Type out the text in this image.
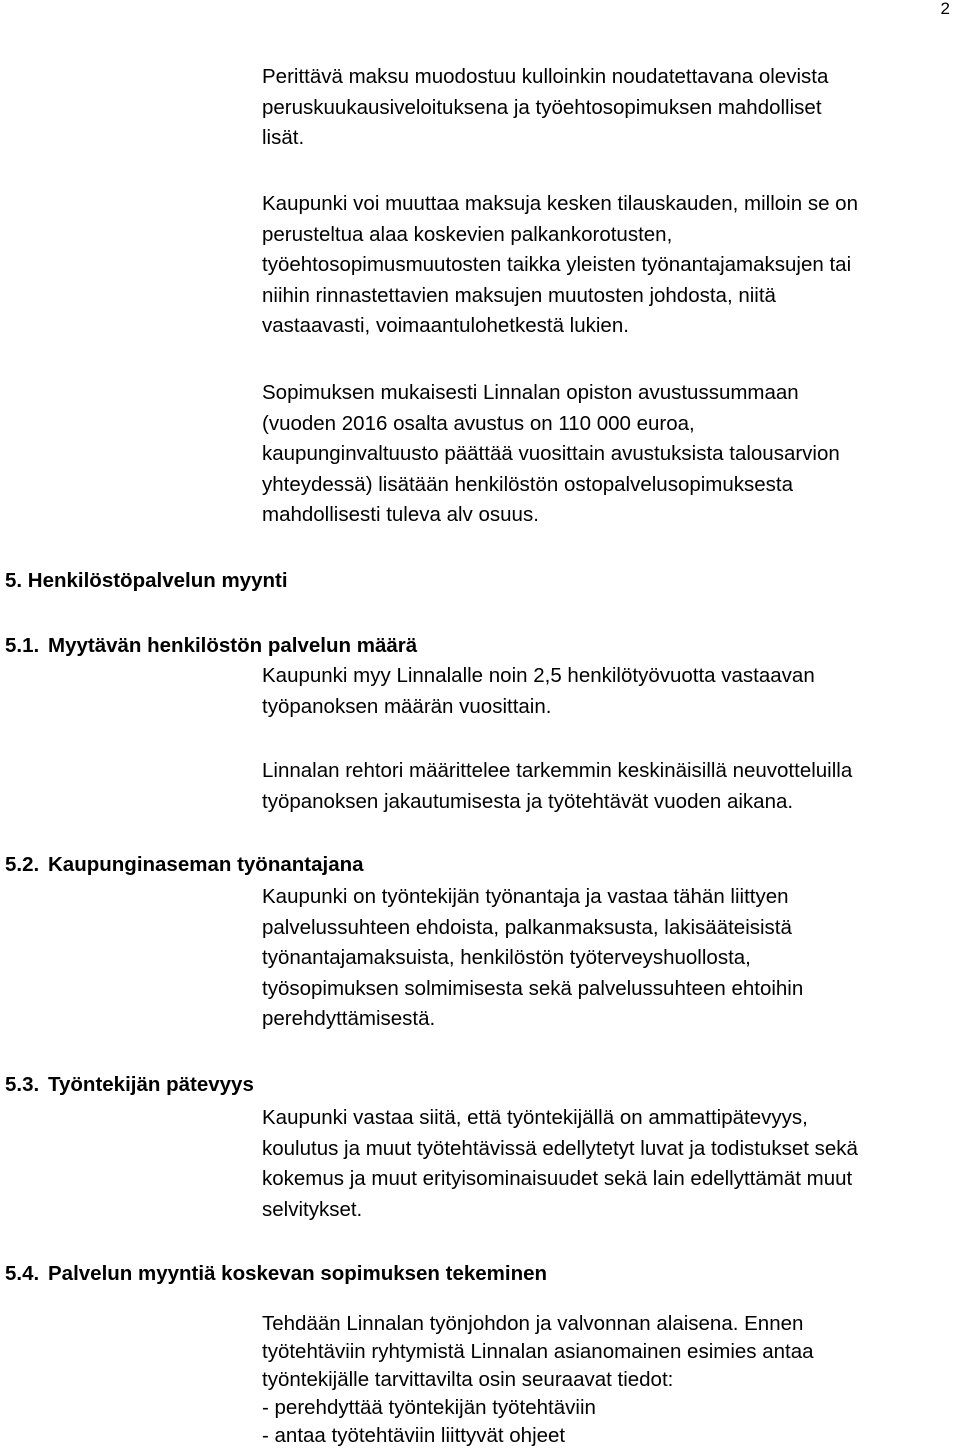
2
Perittävä maksu muodostuu kulloinkin noudatettavana olevista
peruskuukausiveloituksena ja työehtosopimuksen mahdolliset
lisät.
Kaupunki voi muuttaa maksuja kesken tilauskauden, milloin se on
perusteltua alaa koskevien palkankorotusten,
työehtosopimusmuutosten taikka yleisten työnantajamaksujen tai
niihin rinnastettavien maksujen muutosten johdosta, niitä
vastaavasti, voimaantulohetkestä lukien.
Sopimuksen mukaisesti Linnalan opiston avustussummaan
(vuoden 2016 osalta avustus on 110 000 euroa,
kaupunginvaltuusto päättää vuosittain avustuksista talousarvion
yhteydessä) lisätään henkilöstön ostopalvelusopimuksesta
mahdollisesti tuleva alv osuus.
5. Henkilöstöpalvelun myynti
5.1. Myytävän henkilöstön palvelun määrä
Kaupunki myy Linnalalle noin 2,5 henkilötyövuotta vastaavan
työpanoksen määrän vuosittain.
Linnalan rehtori määrittelee tarkemmin keskinäisillä neuvotteluilla
työpanoksen jakautumisesta ja työtehtävät vuoden aikana.
5.2. Kaupunginaseman työnantajana
Kaupunki on työntekijän työnantaja ja vastaa tähän liittyen
palvelussuhteen ehdoista, palkanmaksusta, lakisääteisistä
työnantajamaksuista, henkilöstön työterveyshuollosta,
työsopimuksen solmimisesta sekä palvelussuhteen ehtoihin
perehdyttämisestä.
5.3. Työntekijän pätevyys
Kaupunki vastaa siitä, että työntekijällä on ammattipätevyys,
koulutus ja muut työtehtävissä edellytetyt luvat ja todistukset sekä
kokemus ja muut erityisominaisuudet sekä lain edellyttämät muut
selvitykset.
5.4. Palvelun myyntiä koskevan sopimuksen tekeminen
Tehdään Linnalan työnjohdon ja valvonnan alaisena. Ennen
työtehtäviin ryhtymistä Linnalan asianomainen esimies antaa
työntekijälle tarvittavilta osin seuraavat tiedot:
- perehdyttää työntekijän työtehtäviin
- antaa työtehtäviin liittyvät ohjeet
